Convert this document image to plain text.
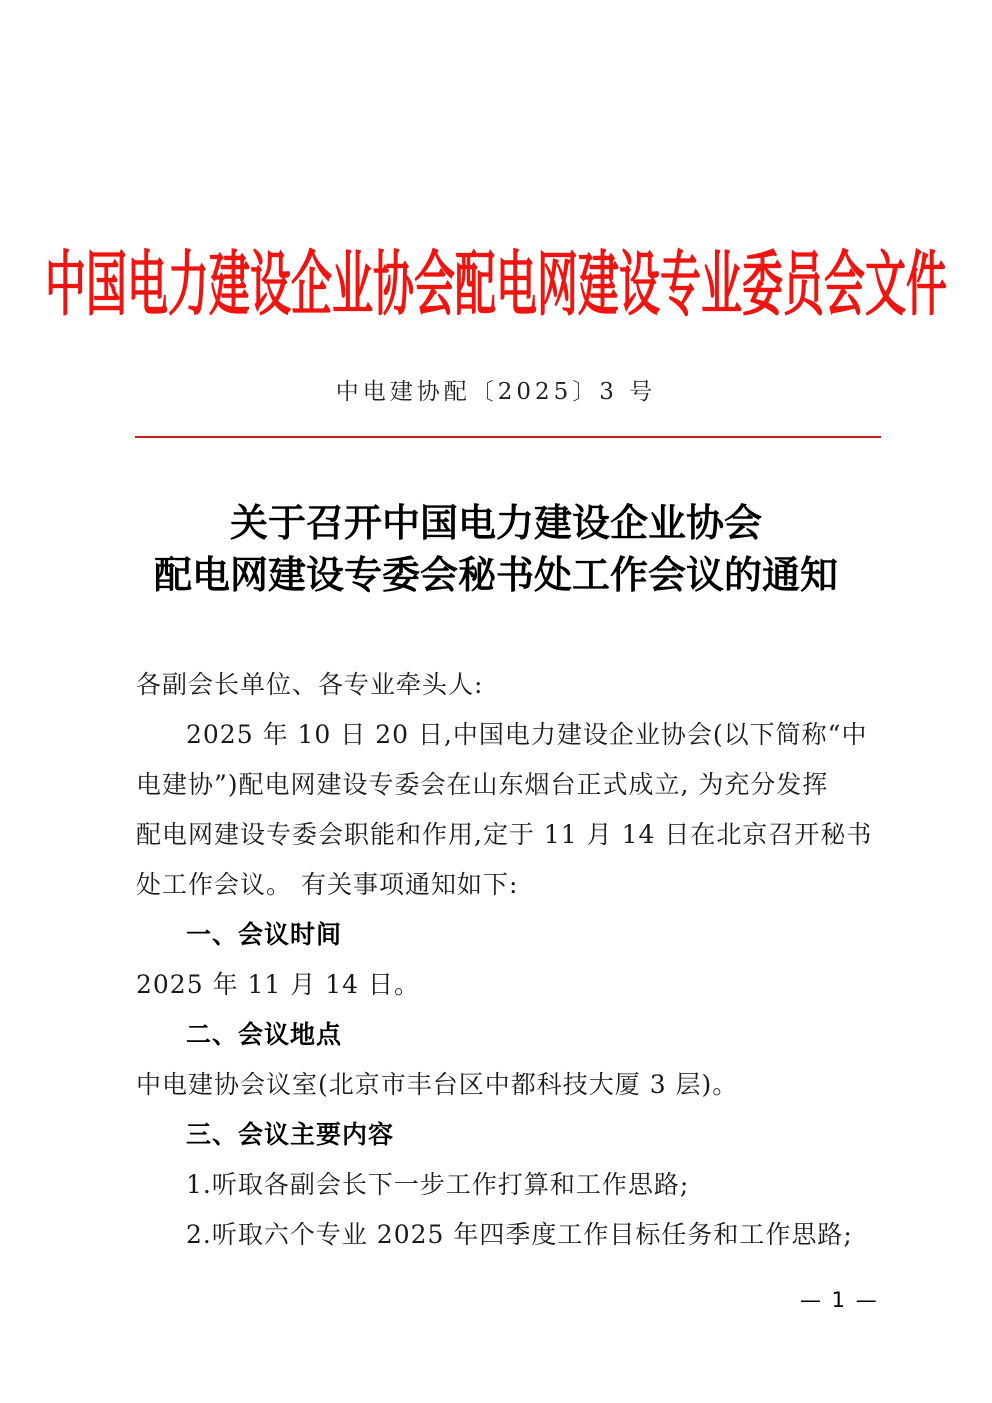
中国电力建设企业协会配电网建设专业委员会文件
中电建协配〔2025〕3 号
关于召开中国电力建设企业协会
配电网建设专委会秘书处工作会议的通知
各副会长单位、各专业牵头人:
2025 年 10 日 20 日,中国电力建设企业协会(以下简称“中
电建协”)配电网建设专委会在山东烟台正式成立, 为充分发挥
配电网建设专委会职能和作用,定于 11 月 14 日在北京召开秘书
处工作会议。 有关事项通知如下:
一、会议时间
2025 年 11 月 14 日。
二、会议地点
中电建协会议室(北京市丰台区中都科技大厦 3 层)。
三、会议主要内容
1.听取各副会长下一步工作打算和工作思路;
2.听取六个专业 2025 年四季度工作目标任务和工作思路;
— 1 —
